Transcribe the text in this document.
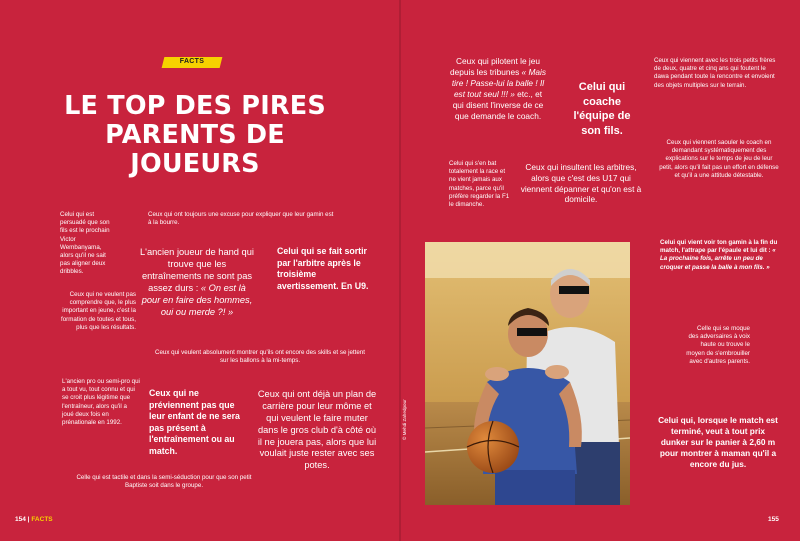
FACTS
LE TOP DES PIRES PARENTS DE JOUEURS
Celui qui est persuadé que son fils est le prochain Victor Wembanyama, alors qu'il ne sait pas aligner deux dribbles.
Ceux qui ont toujours une excuse pour expliquer que leur gamin est à la bourre.
L'ancien joueur de hand qui trouve que les entraînements ne sont pas assez durs : « On est là pour en faire des hommes, oui ou merde ?! »
Celui qui se fait sortir par l'arbitre après le troisième avertissement. En U9.
Ceux qui ne veulent pas comprendre que, le plus important en jeune, c'est la formation de toutes et tous, plus que les résultats.
Ceux qui veulent absolument montrer qu'ils ont encore des skills et se jettent sur les ballons à la mi-temps.
L'ancien pro ou semi-pro qui a tout vu, tout connu et qui se croit plus légitime que l'entraîneur, alors qu'il a joué deux fois en prénationale en 1992.
Ceux qui ne préviennent pas que leur enfant de ne sera pas présent à l'entraînement ou au match.
Ceux qui ont déjà un plan de carrière pour leur môme et qui veulent le faire muter dans le gros club d'à côté où il ne jouera pas, alors que lui voulait juste rester avec ses potes.
Celle qui est tactile et dans la semi-séduction pour que son petit Baptiste soit dans le groupe.
Ceux qui pilotent le jeu depuis les tribunes « Mais tire ! Passe-lui la balle ! Il est tout seul !!! » etc., et qui disent l'inverse de ce que demande le coach.
Celui qui coache l'équipe de son fils.
Ceux qui viennent avec les trois petits frères de deux, quatre et cinq ans qui foutent le dawa pendant toute la rencontre et envoient des objets multiples sur le terrain.
Celui qui s'en bat totalement la race et ne vient jamais aux matches, parce qu'il préfère regarder la F1 le dimanche.
Ceux qui insultent les arbitres, alors que c'est des U17 qui viennent dépanner et qu'on est à domicile.
Ceux qui viennent saouler le coach en demandant systématiquement des explications sur le temps de jeu de leur petit, alors qu'il fait pas un effort en défense et qu'il a une attitude détestable.
Celui qui vient voir ton gamin à la fin du match, l'attrape par l'épaule et lui dit : « La prochaine fois, arrête un peu de croquer et passe la balle à mon fils. »
Celle qui se moque des adversaires à voix haute ou trouve le moyen de s'embrouiller avec d'autres parents.
Celui qui, lorsque le match est terminé, veut à tout prix dunker sur le panier à 2,60 m pour montrer à maman qu'il a encore du jus.
© Mehdi Zahedpour
154 | FACTS	155
